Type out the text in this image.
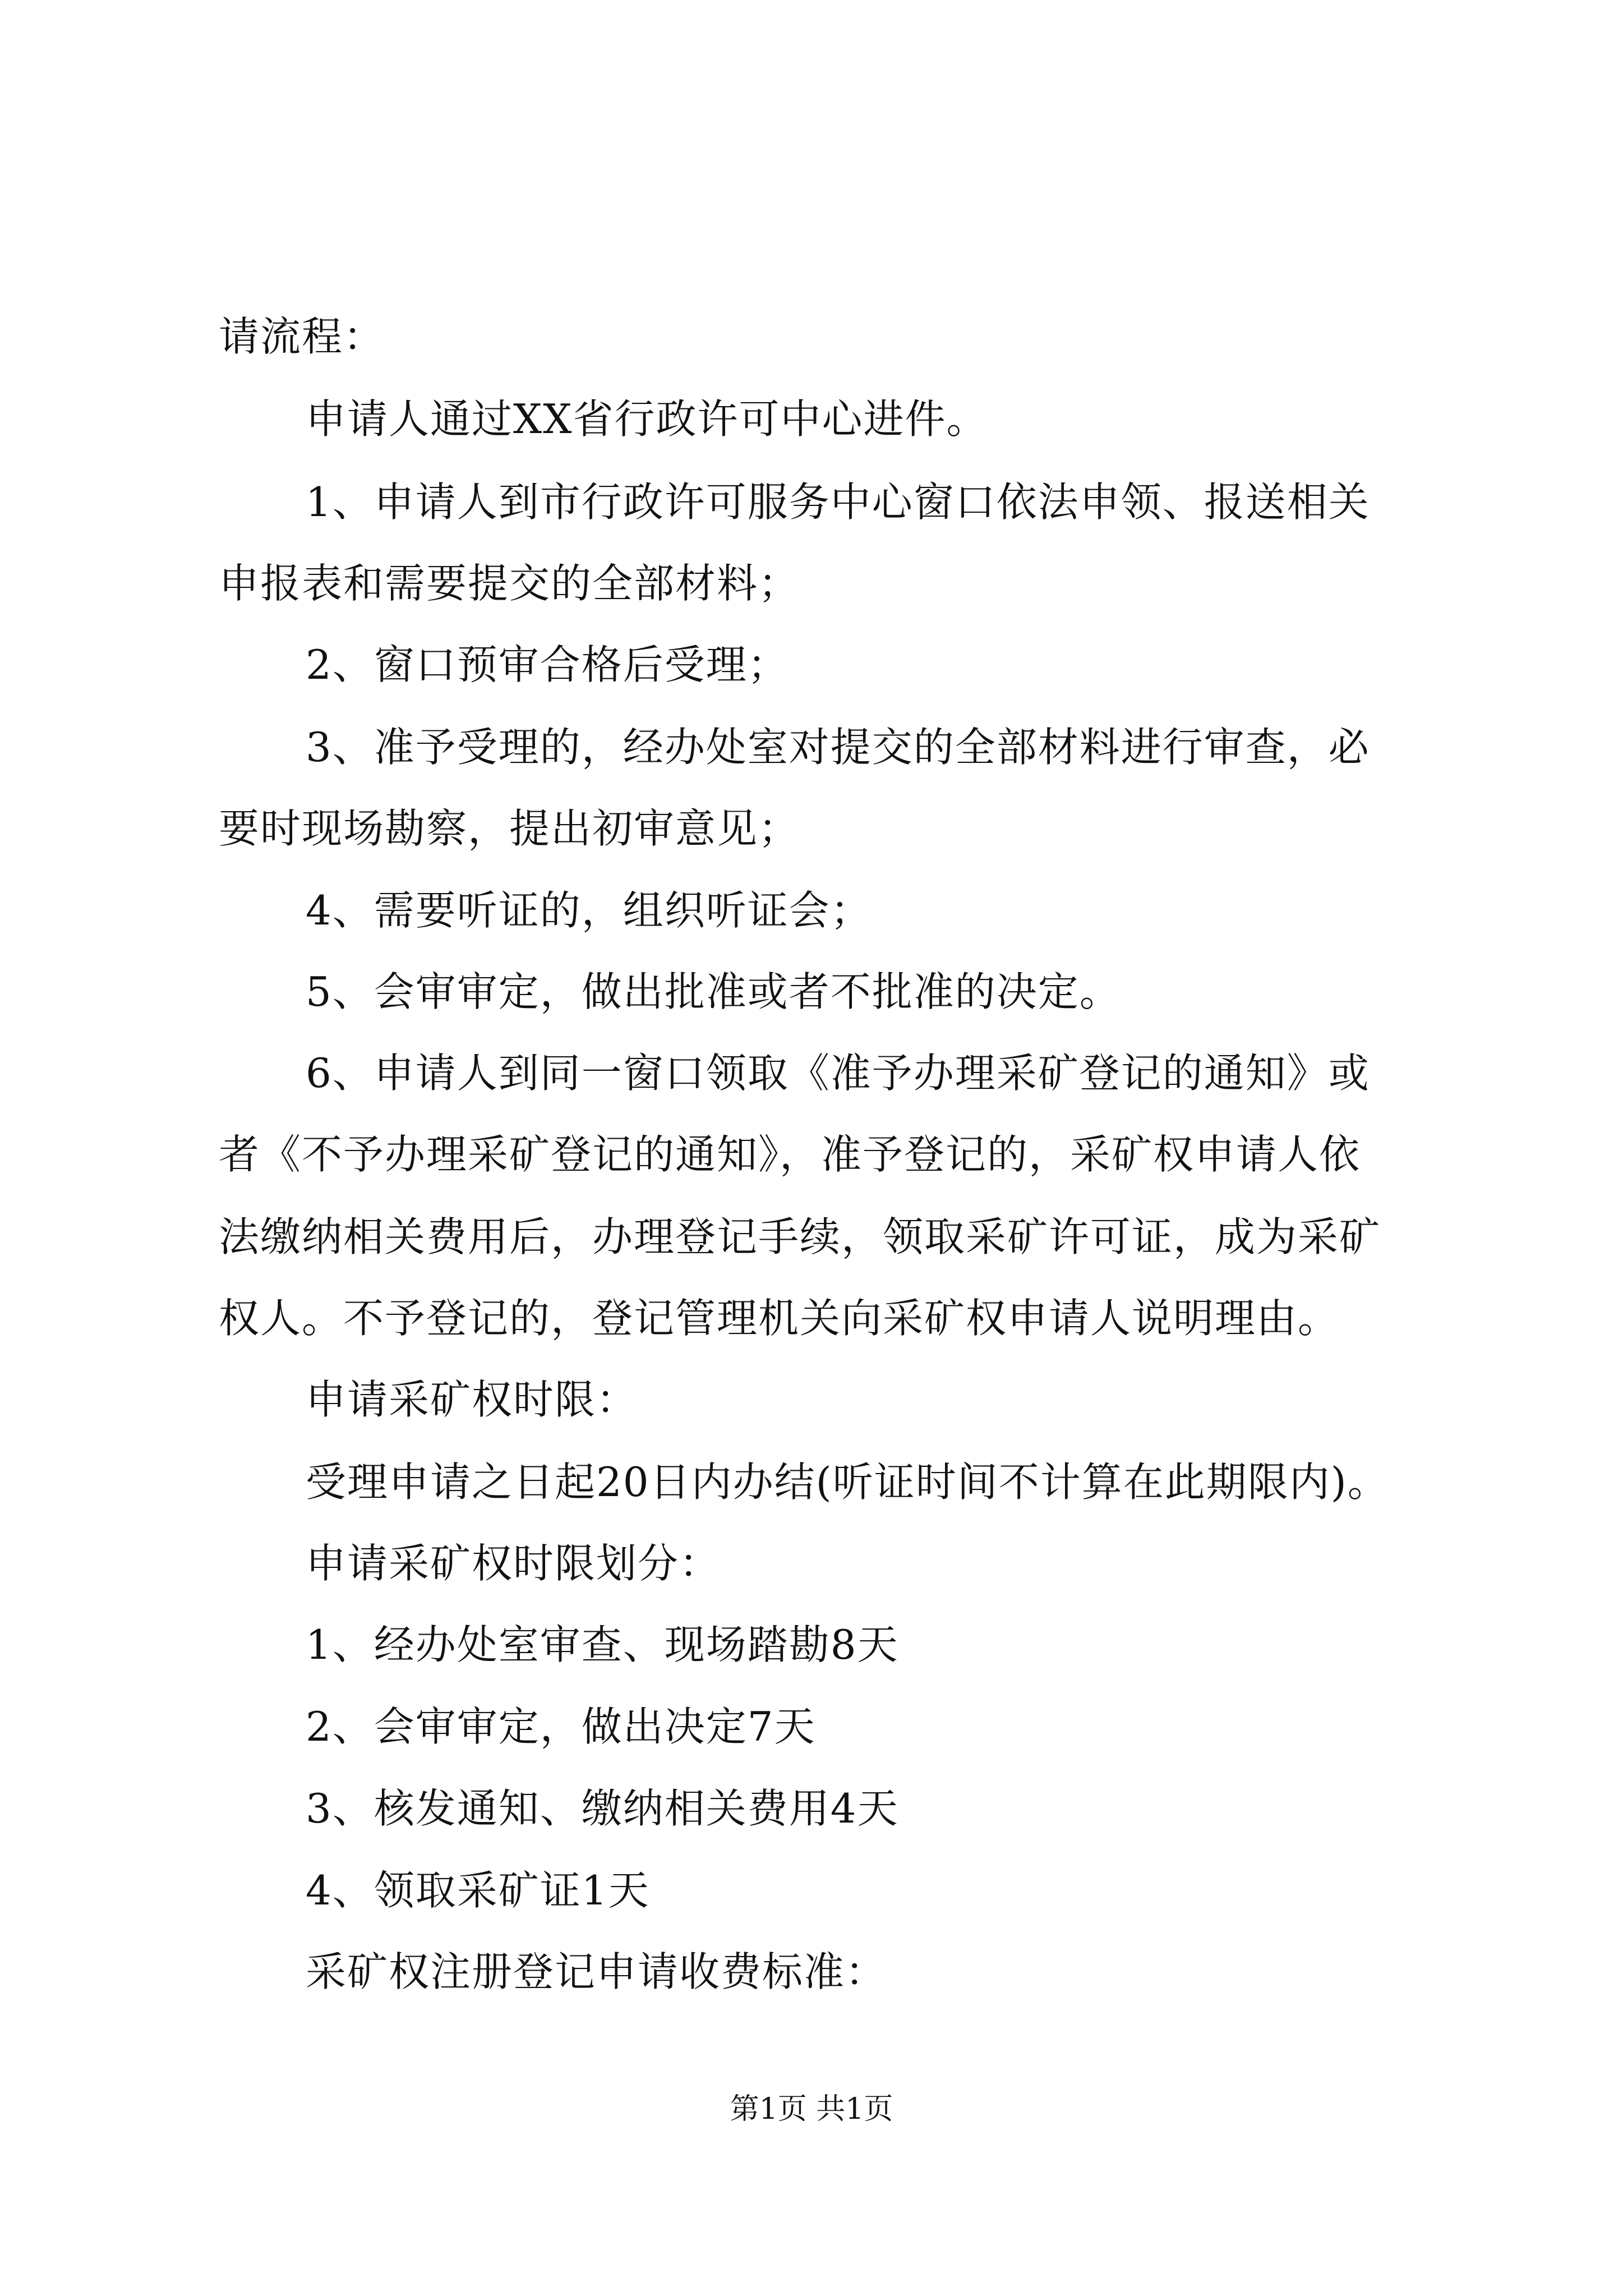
请流程：
申请人通过XX省行政许可中心进件。
1、申请人到市行政许可服务中心窗口依法申领、报送相关
申报表和需要提交的全部材料；
2、窗口预审合格后受理；
3、准予受理的，经办处室对提交的全部材料进行审查，必
要时现场勘察，提出初审意见；
4、需要听证的，组织听证会；
5、会审审定，做出批准或者不批准的决定。
6、申请人到同一窗口领取《准予办理采矿登记的通知》或
者《不予办理采矿登记的通知》，准予登记的，采矿权申请人依
法缴纳相关费用后，办理登记手续，领取采矿许可证，成为采矿
权人。不予登记的，登记管理机关向采矿权申请人说明理由。
申请采矿权时限：
受理申请之日起20日内办结(听证时间不计算在此期限内)。
申请采矿权时限划分：
1、经办处室审查、现场踏勘8天
2、会审审定，做出决定7天
3、核发通知、缴纳相关费用4天
4、领取采矿证1天
采矿权注册登记申请收费标准：
第1页 共1页
